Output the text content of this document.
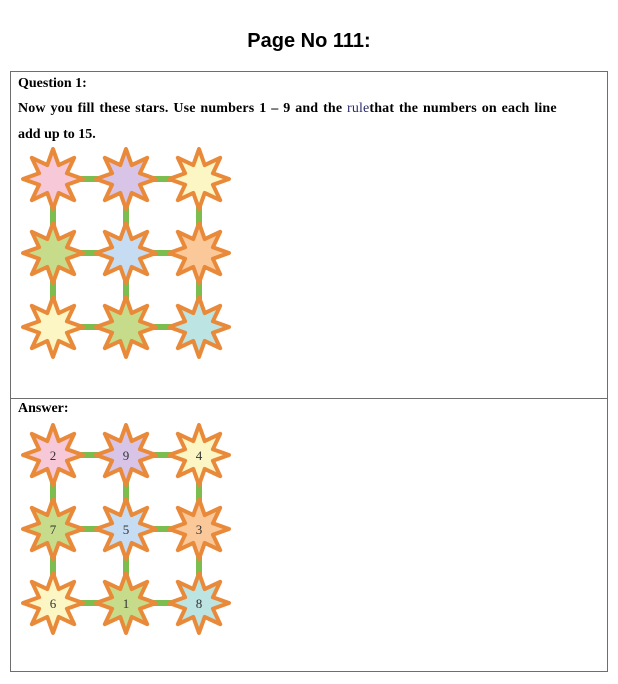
Page No 111:
Question 1:
Now you fill these stars. Use numbers 1 – 9 and the rulethat the numbers on each line
add up to 15.
Answer:
2	9	4
7	5	3
6	1	8
